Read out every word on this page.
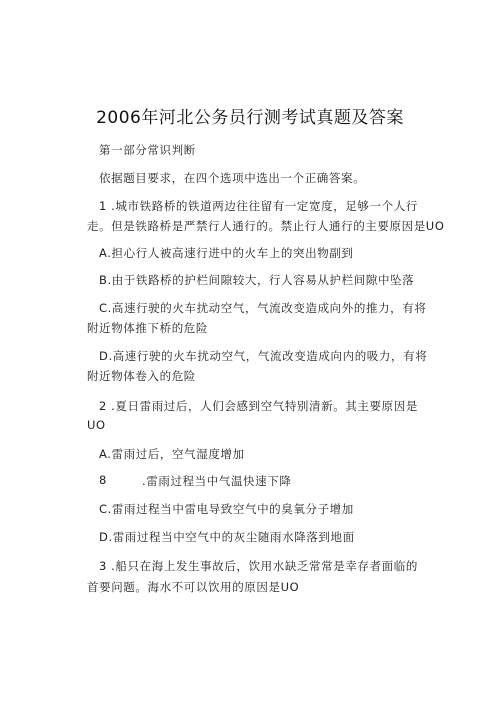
2006年河北公务员行测考试真题及答案
第一部分常识判断
依据题目要求，在四个选项中选出一个正确答案。
1 .城市铁路桥的铁道两边往往留有一定宽度，足够一个人行
走。但是铁路桥是严禁行人通行的。禁止行人通行的主要原因是UO
A.担心行人被高速行进中的火车上的突出物副到
B.由于铁路桥的护栏间隙较大，行人容易从护栏间隙中坠落
C.高速行驶的火车扰动空气，气流改变造成向外的推力，有将
附近物体推下桥的危险
D.高速行驶的火车扰动空气，气流改变造成向内的吸力，有将
附近物体卷入的危险
2 .夏日雷雨过后，人们会感到空气特别清新。其主要原因是
UO
A.雷雨过后，空气湿度增加
8	.雷雨过程当中气温快速下降
C.雷雨过程当中雷电导致空气中的臭氧分子增加
D.雷雨过程当中空气中的灰尘随雨水降落到地面
3 .船只在海上发生事故后，饮用水缺乏常常是幸存者面临的
首要问题。海水不可以饮用的原因是UO
